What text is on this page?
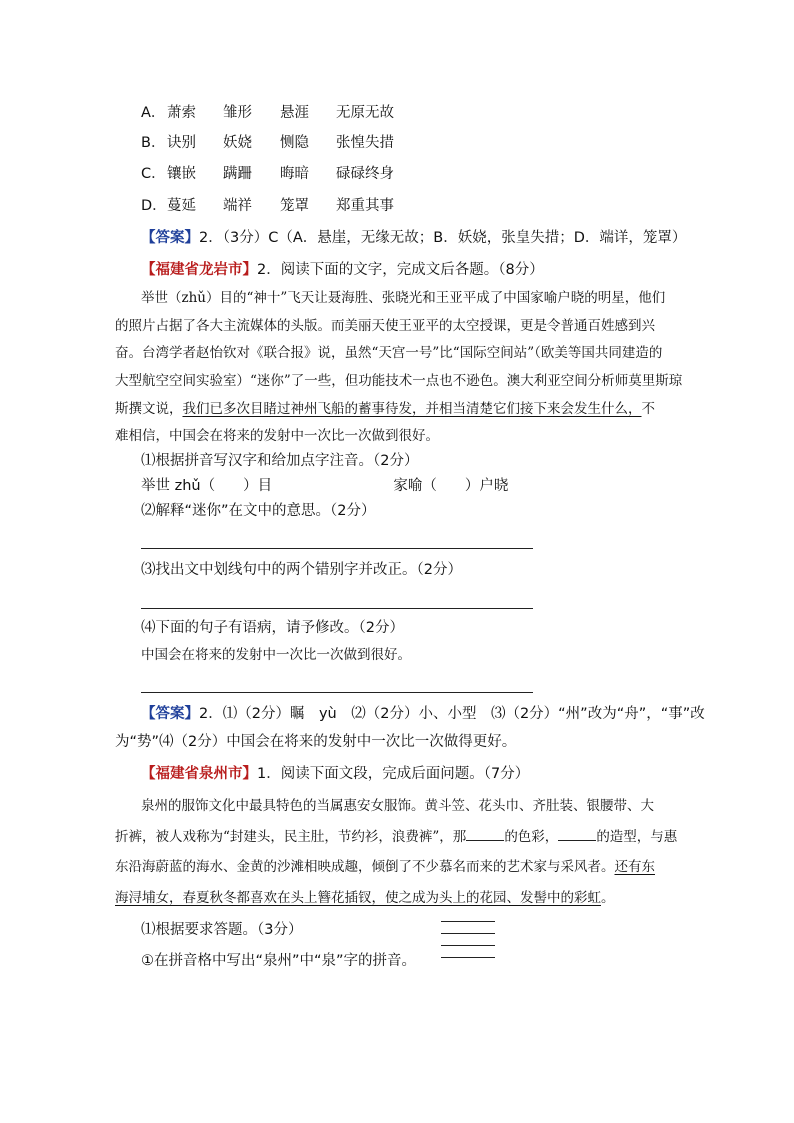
A． 萧索 雏形 悬涯 无原无故
B． 诀别 妖娆 恻隐 张惶失措
C．镶嵌 蹒跚 晦暗 碌碌终身
D．蔓延 端祥 笼罩 郑重其事
【答案】2．（3分）C（A．悬崖，无缘无故；B．妖娆，张皇失措；D．端详，笼罩）
【福建省龙岩市】2．阅读下面的文字，完成文后各题。（8分）
举世（zhǔ）目的“神十”飞天让聂海胜、张晓光和王亚平成了中国家喻户晓的明星，他们
的照片占据了各大主流媒体的头版。而美丽天使王亚平的太空授课，更是令普通百姓感到兴
奋。台湾学者赵怡钦对《联合报》说，虽然“天宫一号”比“国际空间站”（欧美等国共同建造的
大型航空空间实验室）“迷你”了一些，但功能技术一点也不逊色。澳大利亚空间分析师莫里斯琼
斯撰文说，我们已多次目睹过神州飞船的蓄事待发，并相当清楚它们接下来会发生什么，不
难相信，中国会在将来的发射中一次比一次做到很好。
⑴根据拼音写汉字和给加点字注音。（2分）
举世 zhǔ（ ）目	家喻（ ）户晓
⑵解释“迷你”在文中的意思。（2分）
⑶找出文中划线句中的两个错别字并改正。（2分）
⑷下面的句子有语病，请予修改。（2分）
中国会在将来的发射中一次比一次做到很好。
【答案】2．⑴（2分）瞩　yù　⑵（2分）小、小型　⑶（2分）“州”改为“舟”，“事”改
为“势”⑷（2分）中国会在将来的发射中一次比一次做得更好。
【福建省泉州市】1．阅读下面文段，完成后面问题。（7分）
泉州的服饰文化中最具特色的当属惠安女服饰。黄斗笠、花头巾、齐肚装、银腰带、大
折裤，被人戏称为“封建头，民主肚，节约衫，浪费裤”，那	的色彩，	的造型，与惠
东沿海蔚蓝的海水、金黄的沙滩相映成趣，倾倒了不少慕名而来的艺术家与采风者。还有东
海浔埔女，春夏秋冬都喜欢在头上簪花插钗，使之成为头上的花园、发髻中的彩虹。
⑴根据要求答题。（3分）
①在拼音格中写出“泉州”中“泉”字的拼音。
